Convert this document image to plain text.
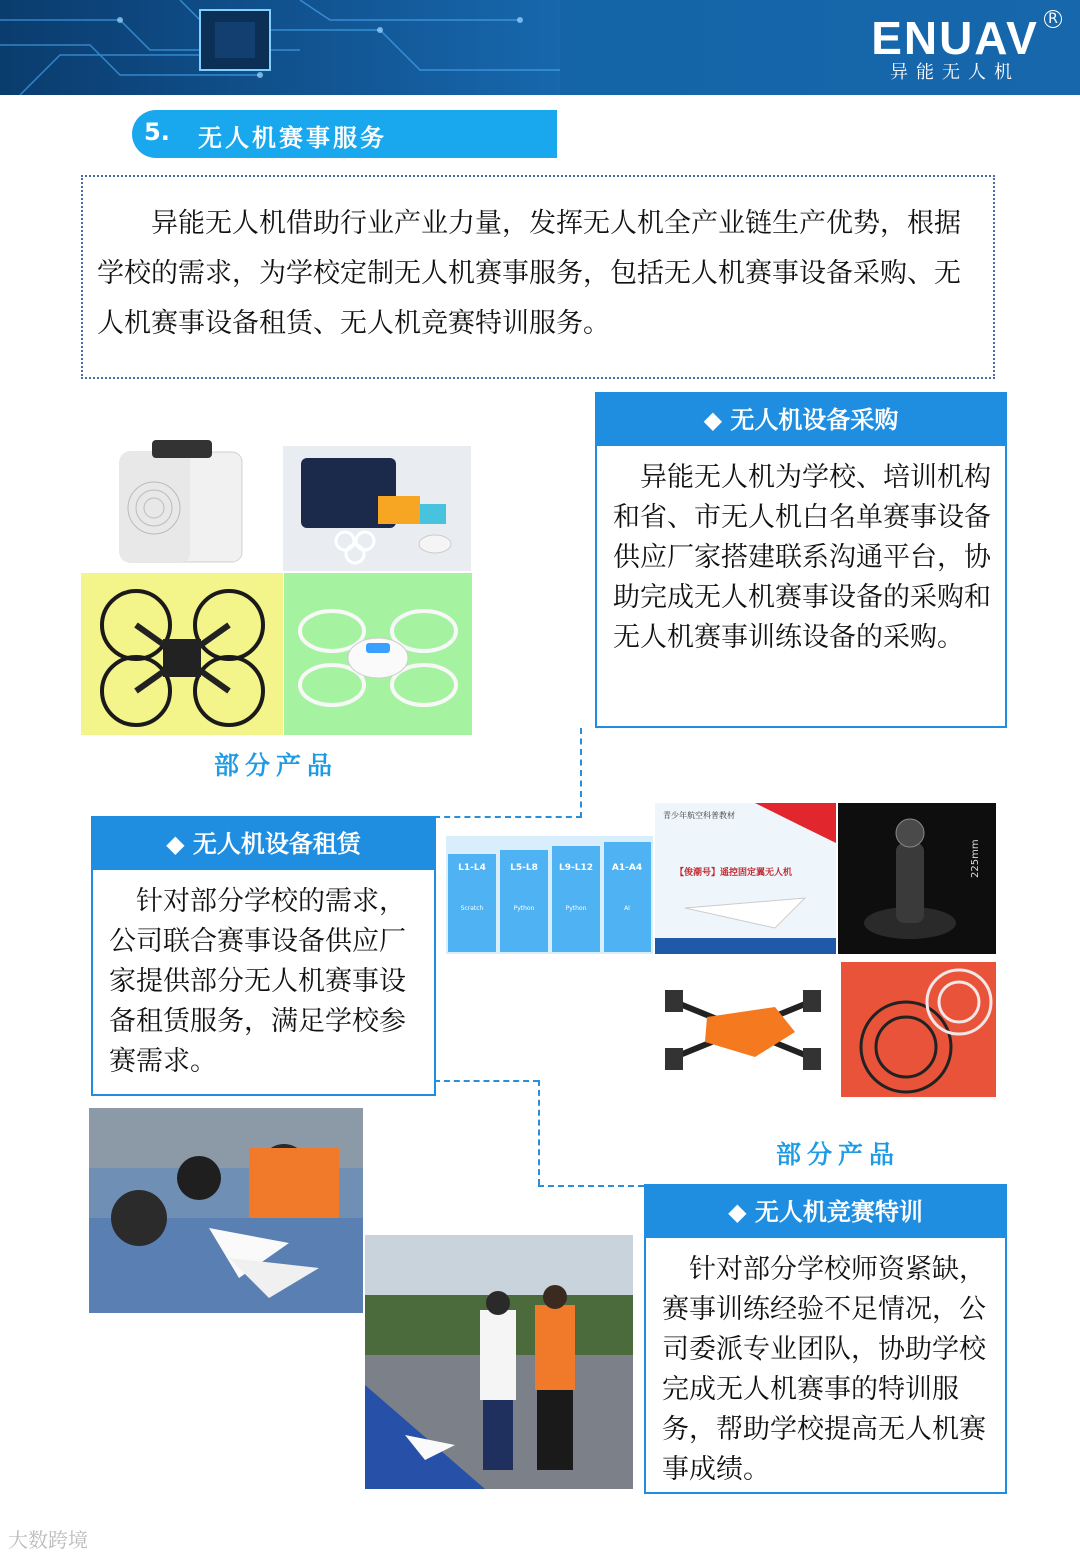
ENUAV
异能无人机
R
5. 无人机赛事服务
异能无人机借助行业产业力量，发挥无人机全产业链生产优势，根据学校的需求，为学校定制无人机赛事服务，包括无人机赛事设备采购、无人机赛事设备租赁、无人机竞赛特训服务。
部分产品
◆ 无人机设备采购
异能无人机为学校、培训机构和省、市无人机白名单赛事设备供应厂家搭建联系沟通平台，协助完成无人机赛事设备的采购和无人机赛事训练设备的采购。
◆ 无人机设备租赁
针对部分学校的需求，公司联合赛事设备供应厂家提供部分无人机赛事设备租赁服务，满足学校参赛需求。
L1-L4	L5-L8 L9-L12 A1-A4
Scratch	Python	Python	AI
青少年航空科普教材
【俊潮号】遥控固定翼无人机	225mm
部分产品
◆ 无人机竞赛特训
针对部分学校师资紧缺，赛事训练经验不足情况，公司委派专业团队，协助学校完成无人机赛事的特训服务，帮助学校提高无人机赛事成绩。
大数跨境
